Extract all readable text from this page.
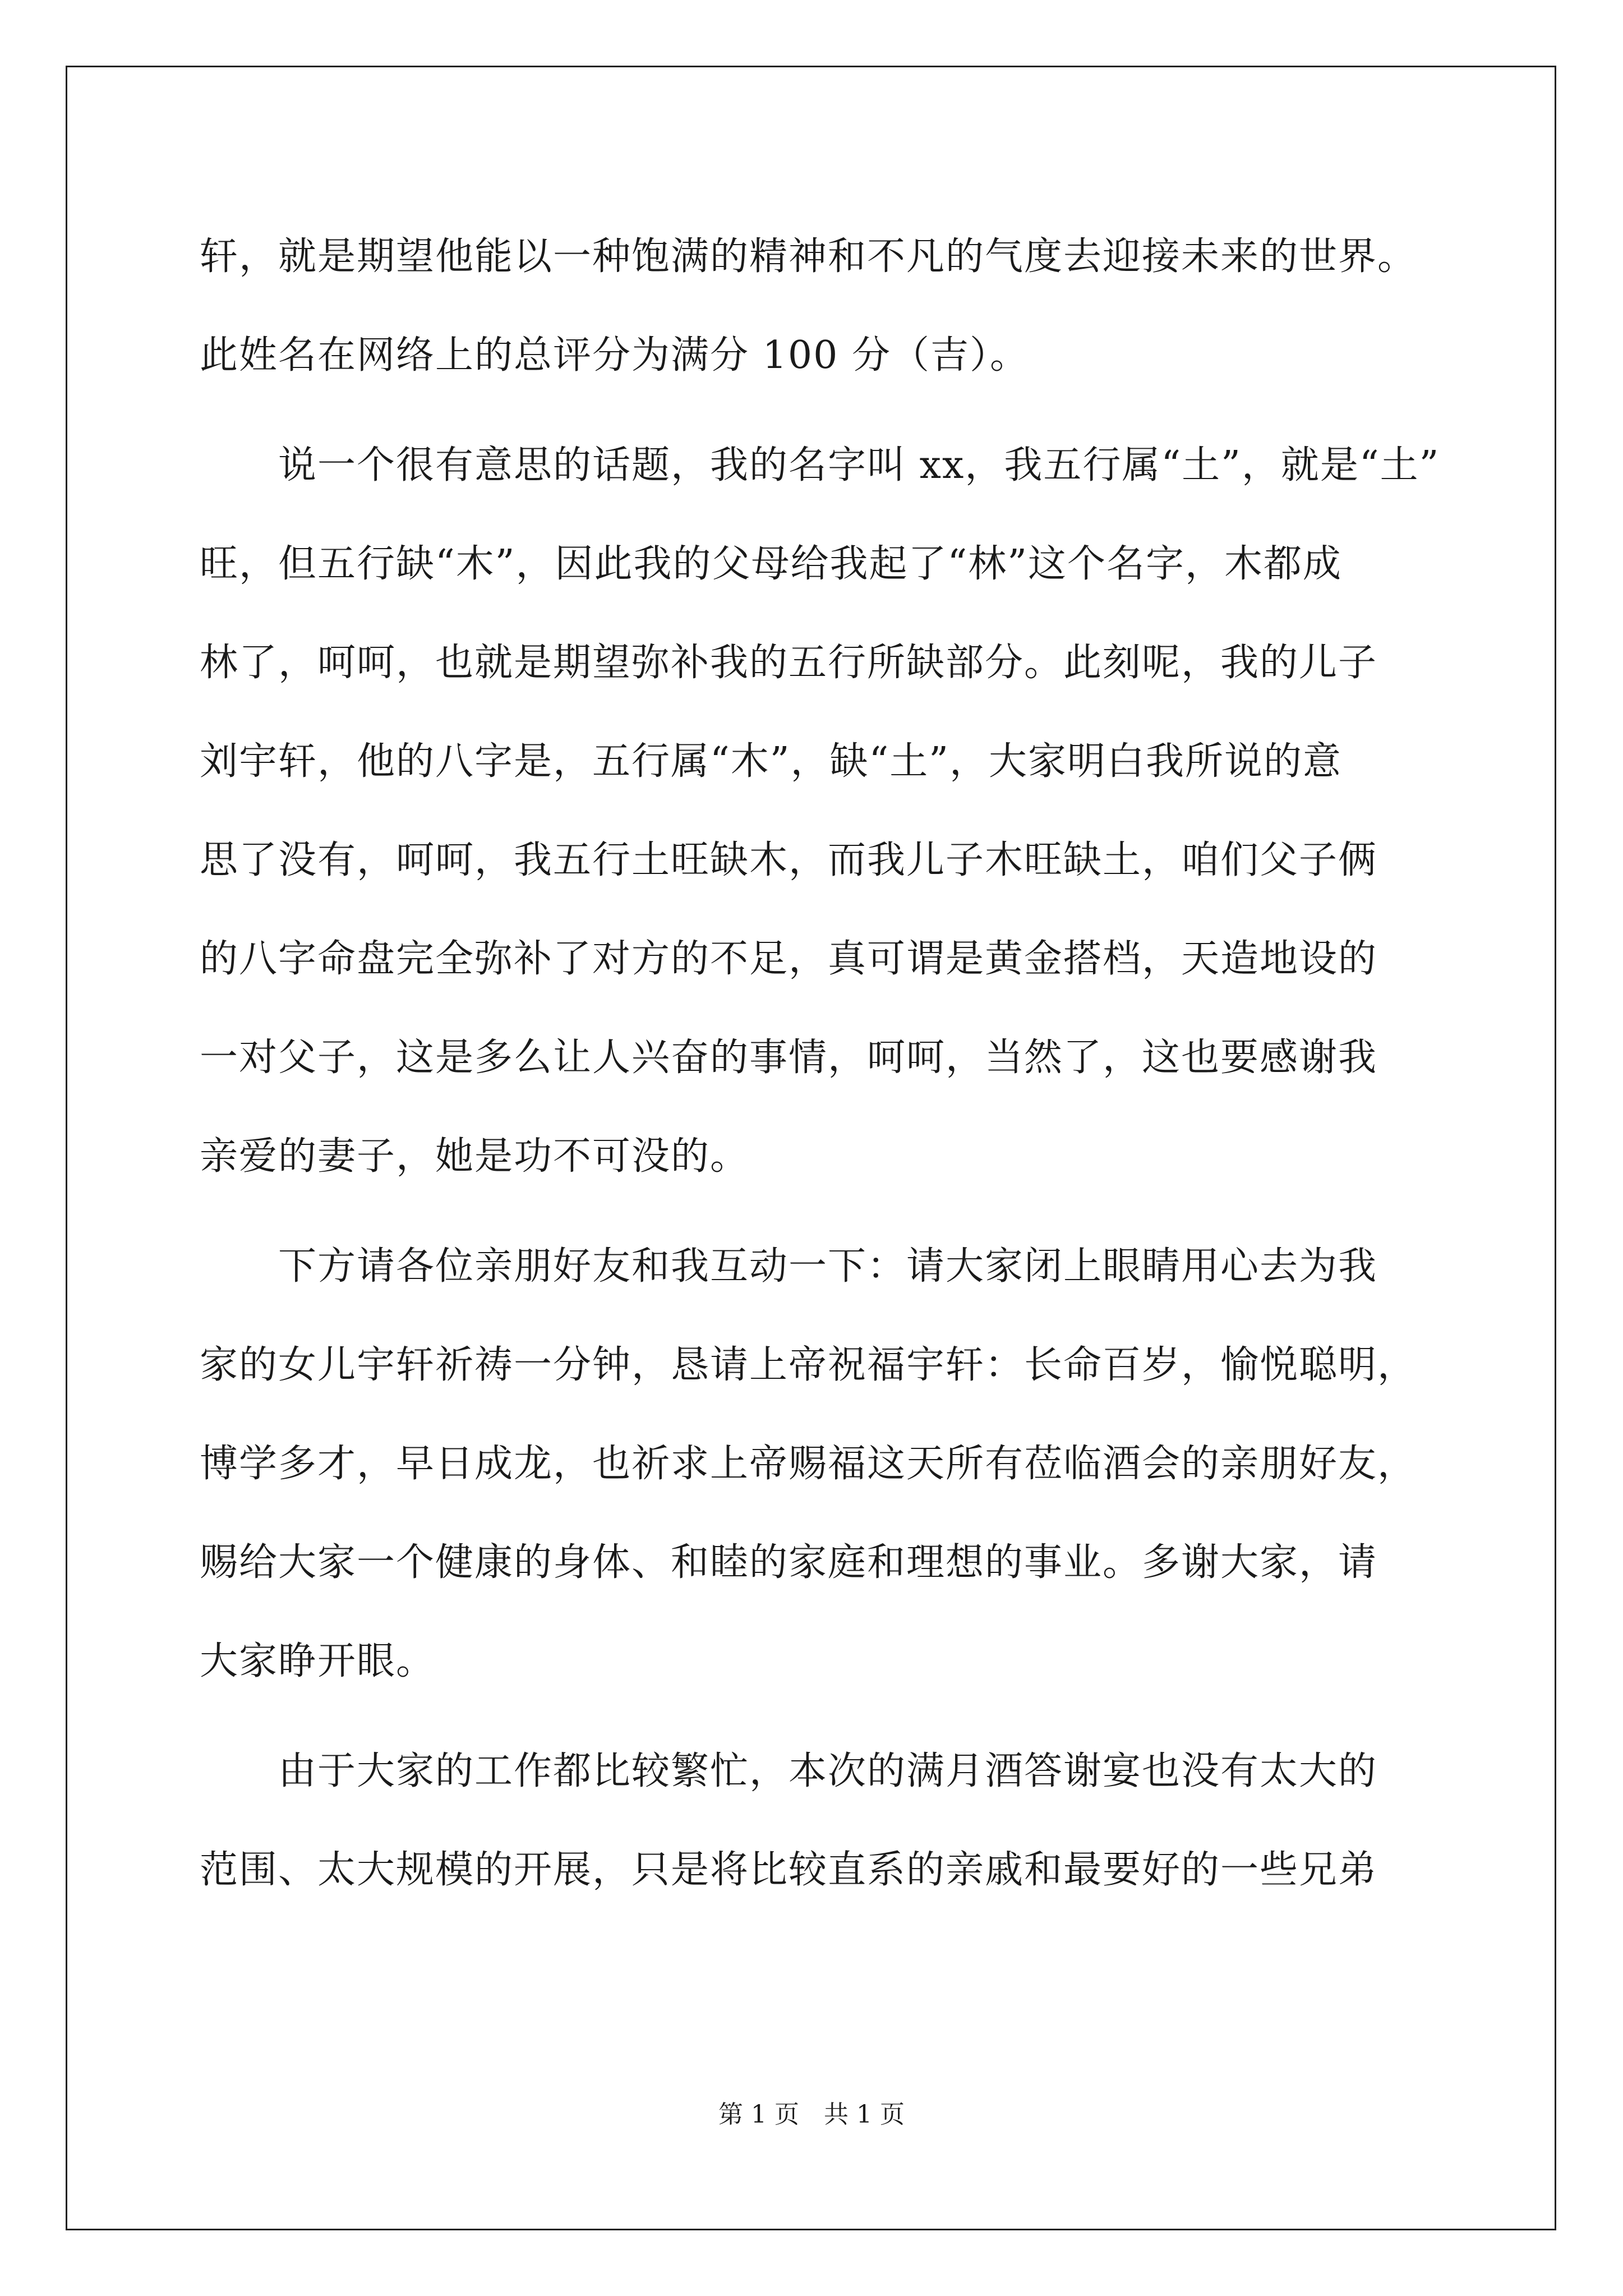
轩，就是期望他能以一种饱满的精神和不凡的气度去迎接未来的世界。
此姓名在网络上的总评分为满分 100 分（吉）。
　　说一个很有意思的话题，我的名字叫 xx，我五行属“土”，就是“土”
旺，但五行缺“木”，因此我的父母给我起了“林”这个名字，木都成
林了，呵呵，也就是期望弥补我的五行所缺部分。此刻呢，我的儿子
刘宇轩，他的八字是，五行属“木”，缺“土”，大家明白我所说的意
思了没有，呵呵，我五行土旺缺木，而我儿子木旺缺土，咱们父子俩
的八字命盘完全弥补了对方的不足，真可谓是黄金搭档，天造地设的
一对父子，这是多么让人兴奋的事情，呵呵，当然了，这也要感谢我
亲爱的妻子，她是功不可没的。
　　下方请各位亲朋好友和我互动一下：请大家闭上眼睛用心去为我
家的女儿宇轩祈祷一分钟，恳请上帝祝福宇轩：长命百岁，愉悦聪明，
博学多才，早日成龙，也祈求上帝赐福这天所有莅临酒会的亲朋好友，
赐给大家一个健康的身体、和睦的家庭和理想的事业。多谢大家，请
大家睁开眼。
　　由于大家的工作都比较繁忙，本次的满月酒答谢宴也没有太大的
范围、太大规模的开展，只是将比较直系的亲戚和最要好的一些兄弟
第 1 页　共 1 页
